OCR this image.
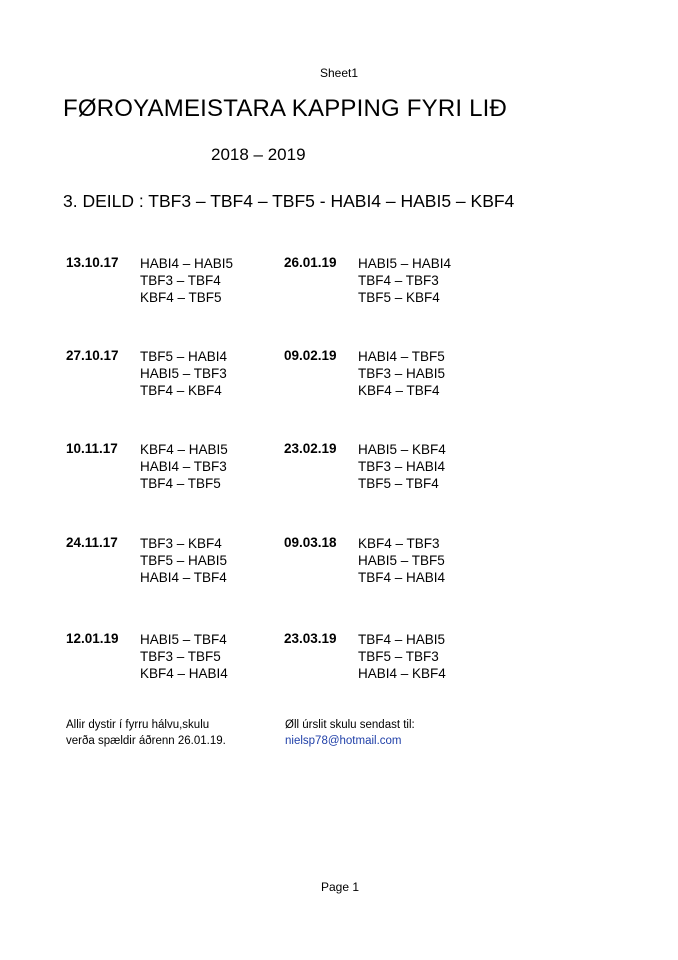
Sheet1
FØROYAMEISTARA KAPPING FYRI LIÐ
2018 – 2019
3. DEILD : TBF3 – TBF4 – TBF5 - HABI4 – HABI5 – KBF4
13.10.17 HABI4 – HABI5
TBF3 – TBF4
KBF4 – TBF5
26.01.19 HABI5 – HABI4
TBF4 – TBF3
TBF5 – KBF4
27.10.17 TBF5 – HABI4
HABI5 – TBF3
TBF4 – KBF4
09.02.19 HABI4 – TBF5
TBF3 – HABI5
KBF4 – TBF4
10.11.17 KBF4 – HABI5
HABI4 – TBF3
TBF4 – TBF5
23.02.19 HABI5 – KBF4
TBF3 – HABI4
TBF5 – TBF4
24.11.17 TBF3 – KBF4
TBF5 – HABI5
HABI4 – TBF4
09.03.18 KBF4 – TBF3
HABI5 – TBF5
TBF4 – HABI4
12.01.19 HABI5 – TBF4
TBF3 – TBF5
KBF4 – HABI4
23.03.19 TBF4 – HABI5
TBF5 – TBF3
HABI4 – KBF4
Allir dystir í fyrru hálvu,skulu
verða spældir áðrenn 26.01.19.
Øll úrslit skulu sendast til:
nielsp78@hotmail.com
Page 1
